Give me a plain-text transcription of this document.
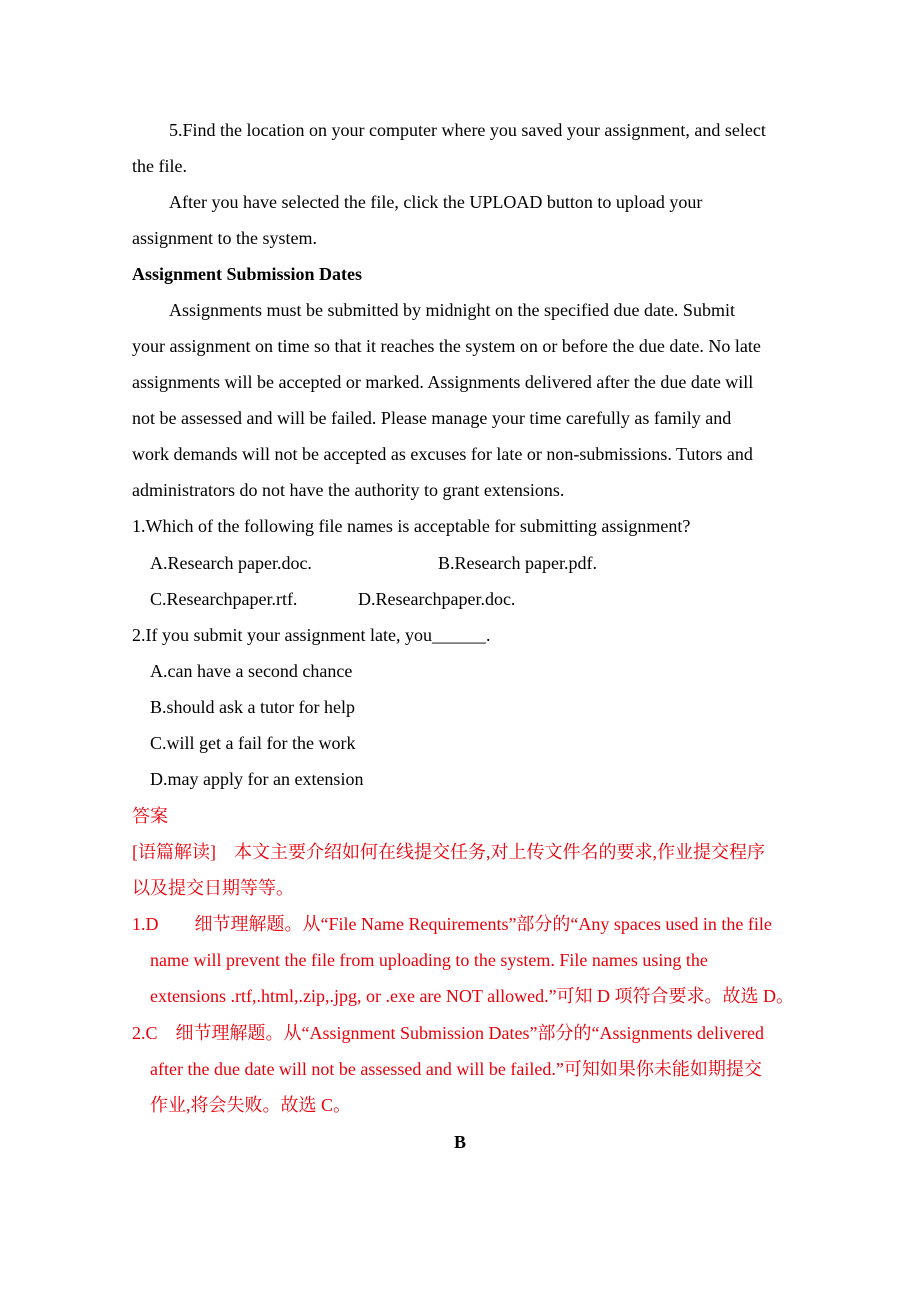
5.Find the location on your computer where you saved your assignment, and select
the file.
After you have selected the file, click the UPLOAD button to upload your
assignment to the system.
Assignment Submission Dates
Assignments must be submitted by midnight on the specified due date. Submit
your assignment on time so that it reaches the system on or before the due date. No late
assignments will be accepted or marked. Assignments delivered after the due date will
not be assessed and will be failed. Please manage your time carefully as family and
work demands will not be accepted as excuses for late or non-submissions. Tutors and
administrators do not have the authority to grant extensions.
1.Which of the following file names is acceptable for submitting assignment?
A.Research paper.doc.	B.Research paper.pdf.
C.Researchpaper.rtf.	D.Researchpaper.doc.
2.If you submit your assignment late, you______.
A.can have a second chance
B.should ask a tutor for help
C.will get a fail for the work
D.may apply for an extension
答案
[语篇解读]　本文主要介绍如何在线提交任务,对上传文件名的要求,作业提交程序
以及提交日期等等。
1.D　　细节理解题。从“File Name Requirements”部分的“Any spaces used in the file
name will prevent the file from uploading to the system. File names using the
extensions .rtf,.html,.zip,.jpg, or .exe are NOT allowed.”可知 D 项符合要求。故选 D。
2.C　细节理解题。从“Assignment Submission Dates”部分的“Assignments delivered
after the due date will not be assessed and will be failed.”可知如果你未能如期提交
作业,将会失败。故选 C。
B
